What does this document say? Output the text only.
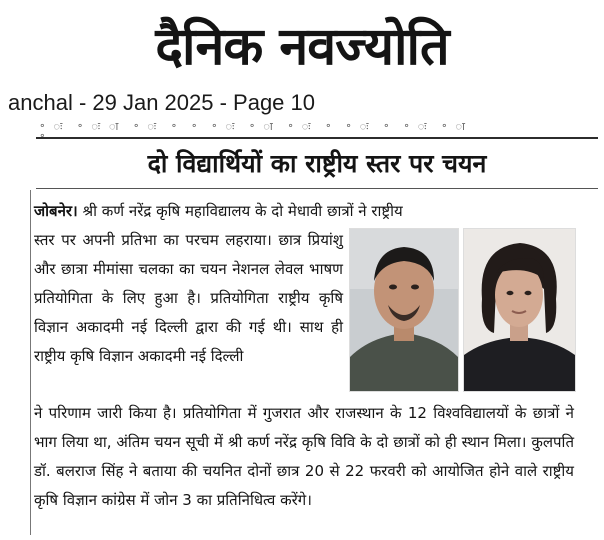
दैनिक नवज्योति
anchal - 29 Jan 2025 - Page 10
॰ ः ॰ ः ा ॰ ः ॰ ॰ ॰ ः ॰ ा ॰ ः ॰ ॰ ः ॰ ॰ ः ॰ ा
दो विद्यार्थियों का राष्ट्रीय स्तर पर चयन

जोबनेर। श्री कर्ण नरेंद्र कृषि महाविद्यालय के दो मेधावी छात्रों ने राष्ट्रीय

स्तर पर अपनी प्रतिभा का परचम लहराया। छात्र प्रियांशु और छात्रा मीमांसा चलका का चयन नेशनल लेवल भाषण प्रतियोगिता के लिए हुआ है। प्रतियोगिता राष्ट्रीय कृषि विज्ञान अकादमी नई दिल्ली द्वारा की गई थी। साथ ही राष्ट्रीय कृषि विज्ञान अकादमी नई दिल्ली

ने परिणाम जारी किया है। प्रतियोगिता में गुजरात और राजस्थान के 12 विश्वविद्यालयों के छात्रों ने भाग लिया था, अंतिम चयन सूची में श्री कर्ण नरेंद्र कृषि विवि के दो छात्रों को ही स्थान मिला। कुलपति डॉ. बलराज सिंह ने बताया की चयनित दोनों छात्र 20 से 22 फरवरी को आयोजित होने वाले राष्ट्रीय कृषि विज्ञान कांग्रेस में जोन 3 का प्रतिनिधित्व करेंगे।
